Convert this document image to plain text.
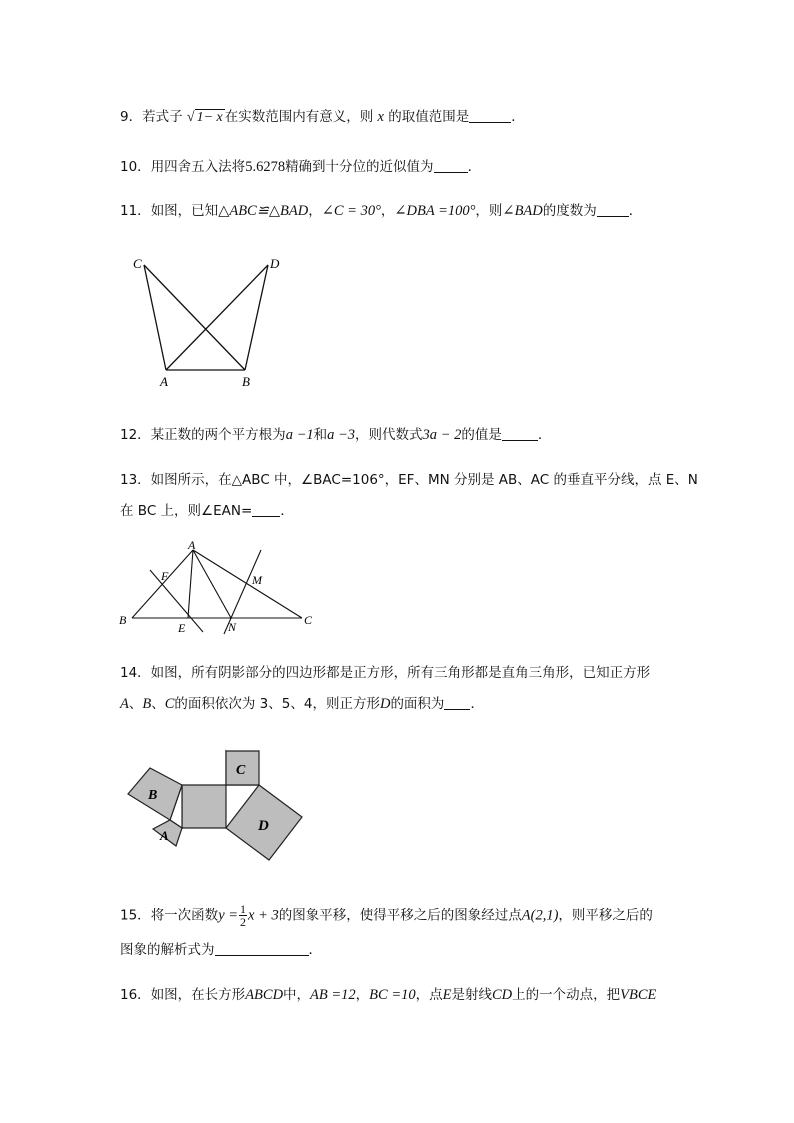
9．若式子 √ 1− x 在实数范围内有意义，则 x 的取值范围是	．
10．用四舍五入法将5.6278精确到十分位的近似值为	．
11．如图，已知△ABC≌△BAD，∠C = 30°，∠DBA =100°，则∠BAD的度数为 ．
C	D
A	B
12．某正数的两个平方根为a −1和a −3，则代数式3a − 2的值是	．
13．如图所示，在△ABC 中，∠BAC=106°，EF、MN 分别是 AB、AC 的垂直平分线，点 E、N
在 BC 上，则∠EAN= ．
A
F	M
B
E	N	C
14．如图，所有阴影部分的四边形都是正方形，所有三角形都是直角三角形，已知正方形
A、B、C的面积依次为 3、5、4，则正方形D的面积为 ．
B
A
C
D
15．将一次函数$y = \frac{1}{2}$ x + 3的图象平移，使得平移之后的图象经过点A(2,1)，则平移之后的
图象的解析式为	．
16．如图，在长方形ABCD中，AB =12，BC =10，点E是射线CD上的一个动点，把VBCE
